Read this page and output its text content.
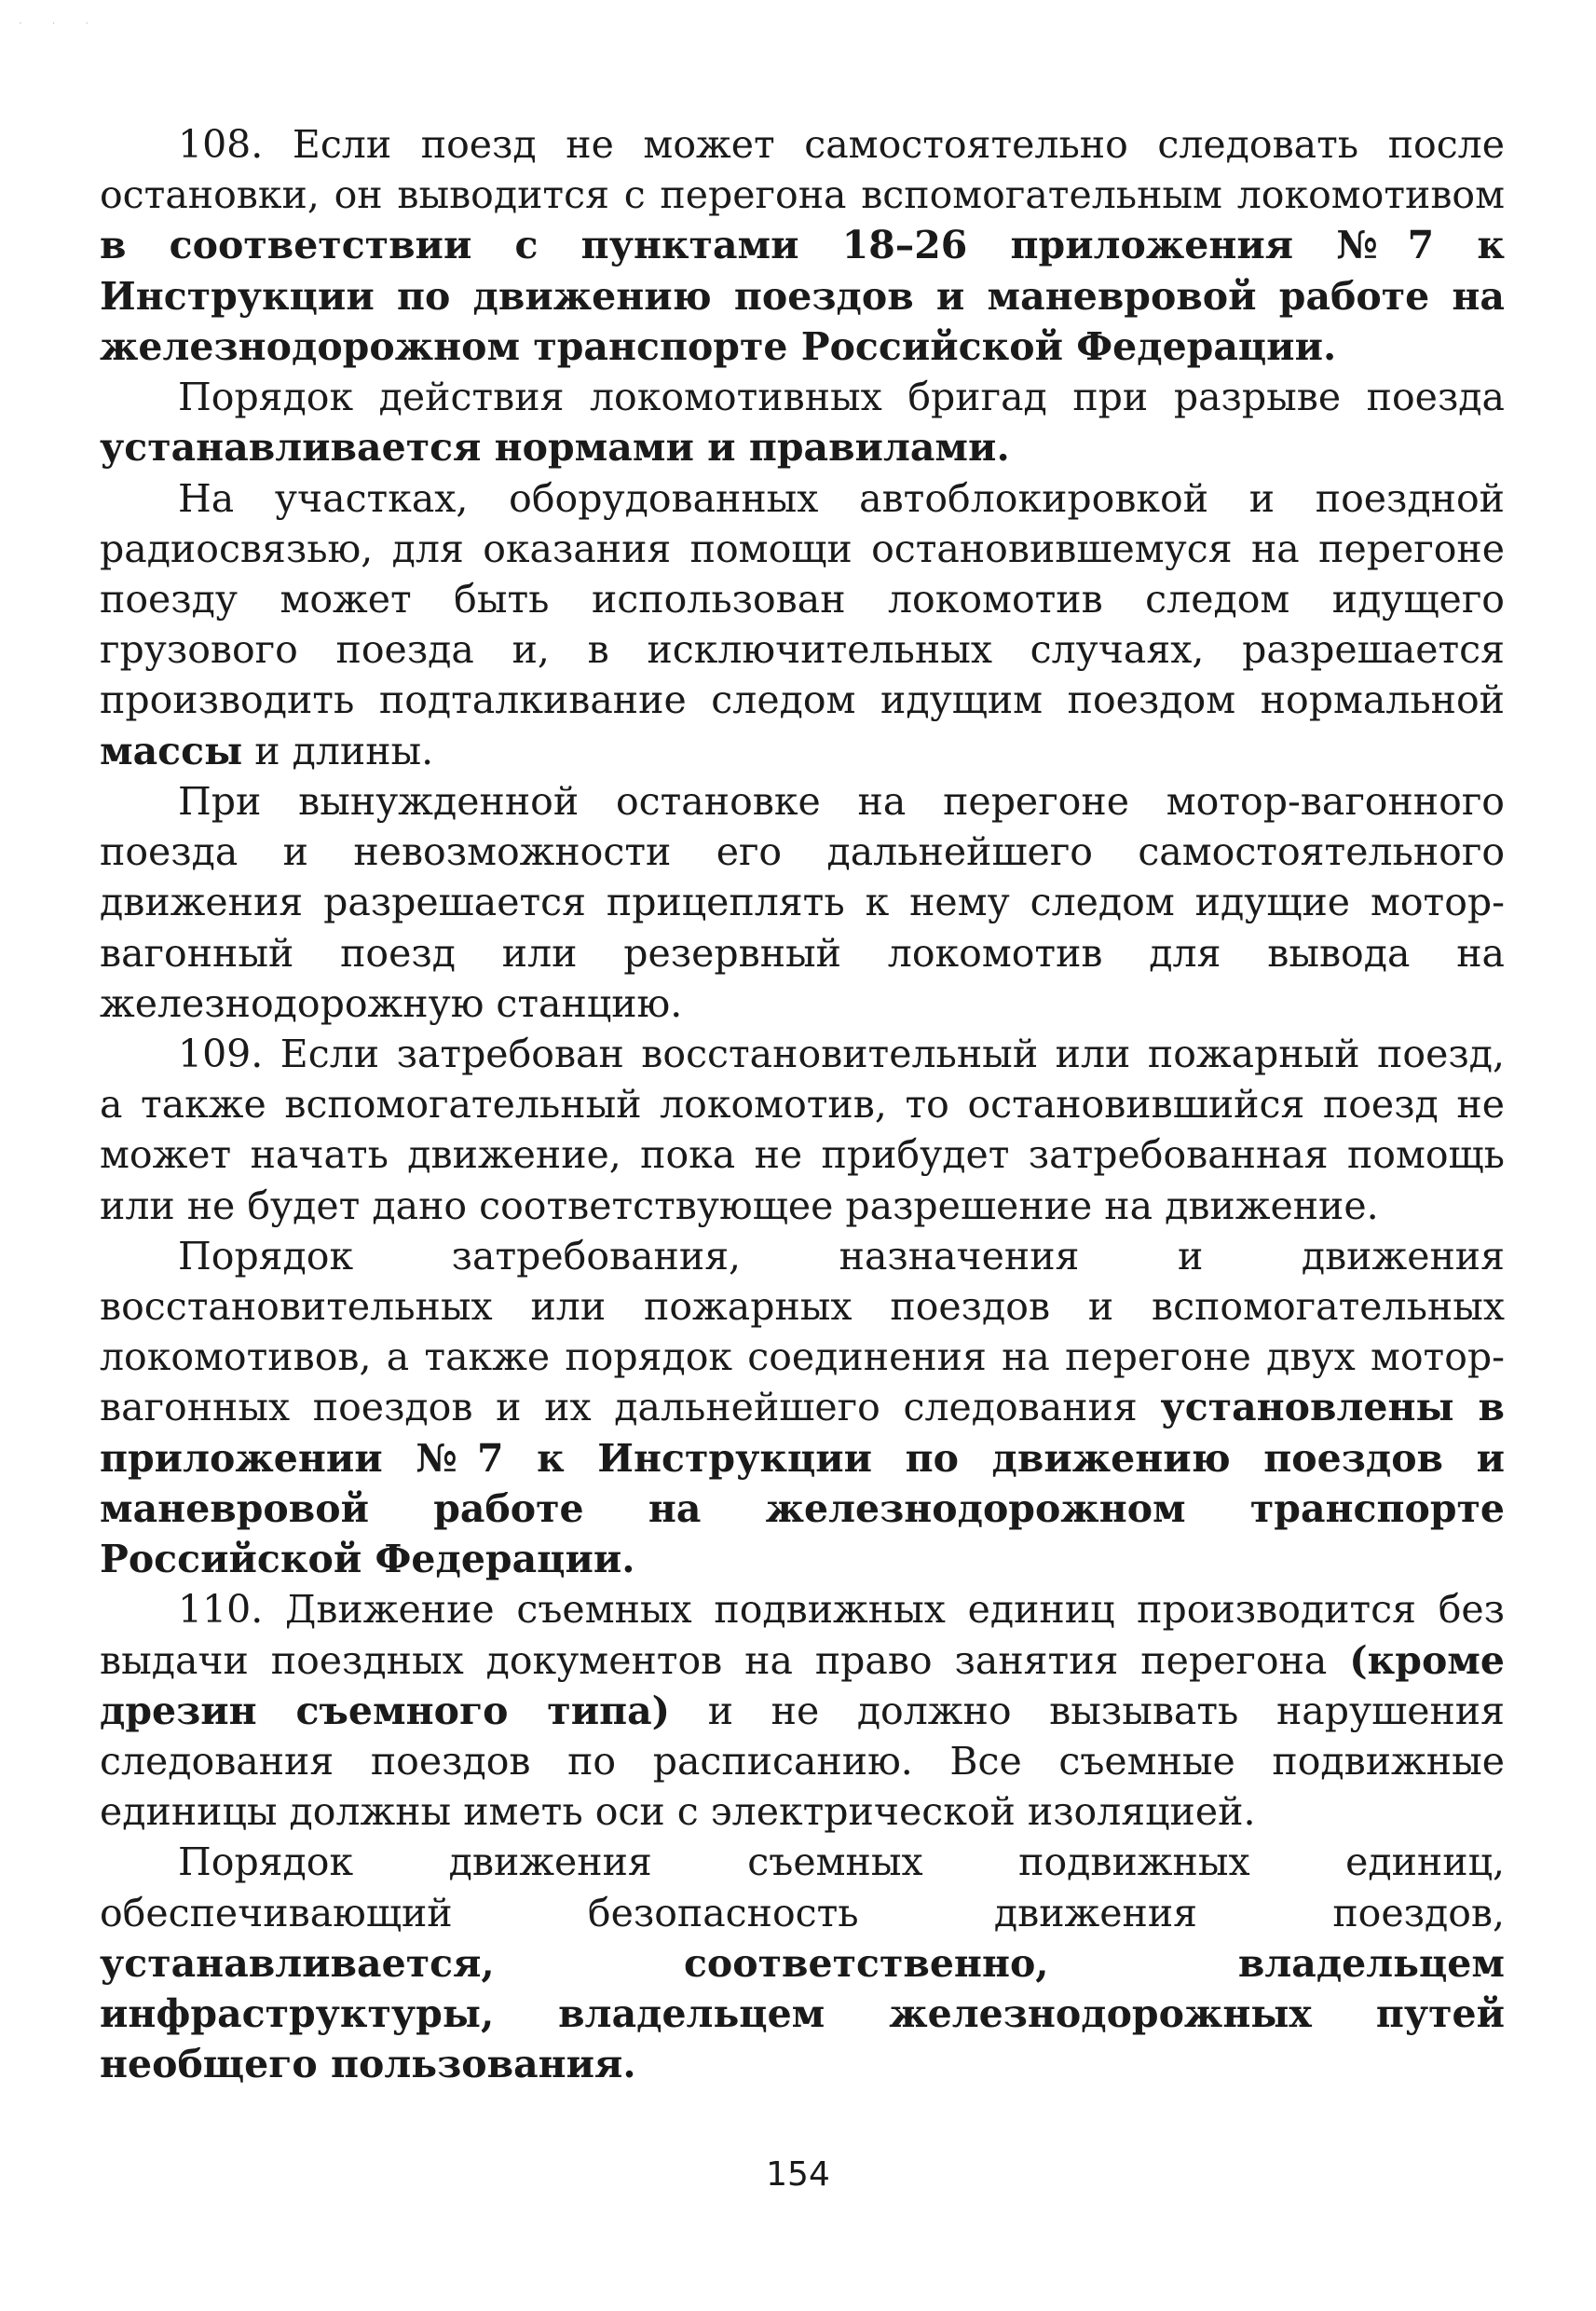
· · ·

108. Если поезд не может самостоятельно следовать после остановки, он выводится с перегона вспомогательным локомотивом в соответствии с пунктами 18–26 приложения №7 к Инструкции по движению поездов и маневровой работе на железнодорожном транспорте Российской Федерации.

Порядок действия локомотивных бригад при разрыве поезда устанавливается нормами и правилами.

На участках, оборудованных автоблокировкой и поездной радиосвязью, для оказания помощи остановившемуся на перегоне поезду может быть использован локомотив следом идущего грузового поезда и, в исключительных случаях, разрешается производить подталкивание следом идущим поездом нормальной массы и длины.

При вынужденной остановке на перегоне мотор-вагонного поезда и невозможности его дальнейшего самостоятельного движения разрешается прицеплять к нему следом идущие мотор-вагонный поезд или резервный локомотив для вывода на железнодорожную станцию.

109. Если затребован восстановительный или пожарный поезд, а также вспомогательный локомотив, то остановившийся поезд не может начать движение, пока не прибудет затребованная помощь или не будет дано соответствующее разрешение на движение.

Порядок затребования, назначения и движения восстановительных или пожарных поездов и вспомогательных локомотивов, а также порядок соединения на перегоне двух мотор-вагонных поездов и их дальнейшего следования установлены в приложении №7 к Инструкции по движению поездов и маневровой работе на железнодорожном транспорте Российской Федерации.

110. Движение съемных подвижных единиц производится без выдачи поездных документов на право занятия перегона (кроме дрезин съемного типа) и не должно вызывать нарушения следования поездов по расписанию. Все съемные подвижные единицы должны иметь оси с электрической изоляцией.

Порядок движения съемных подвижных единиц, обеспечивающий безопасность движения поездов, устанавливается, соответственно, владельцем инфраструктуры, владельцем железнодорожных путей необщего пользования.

154
